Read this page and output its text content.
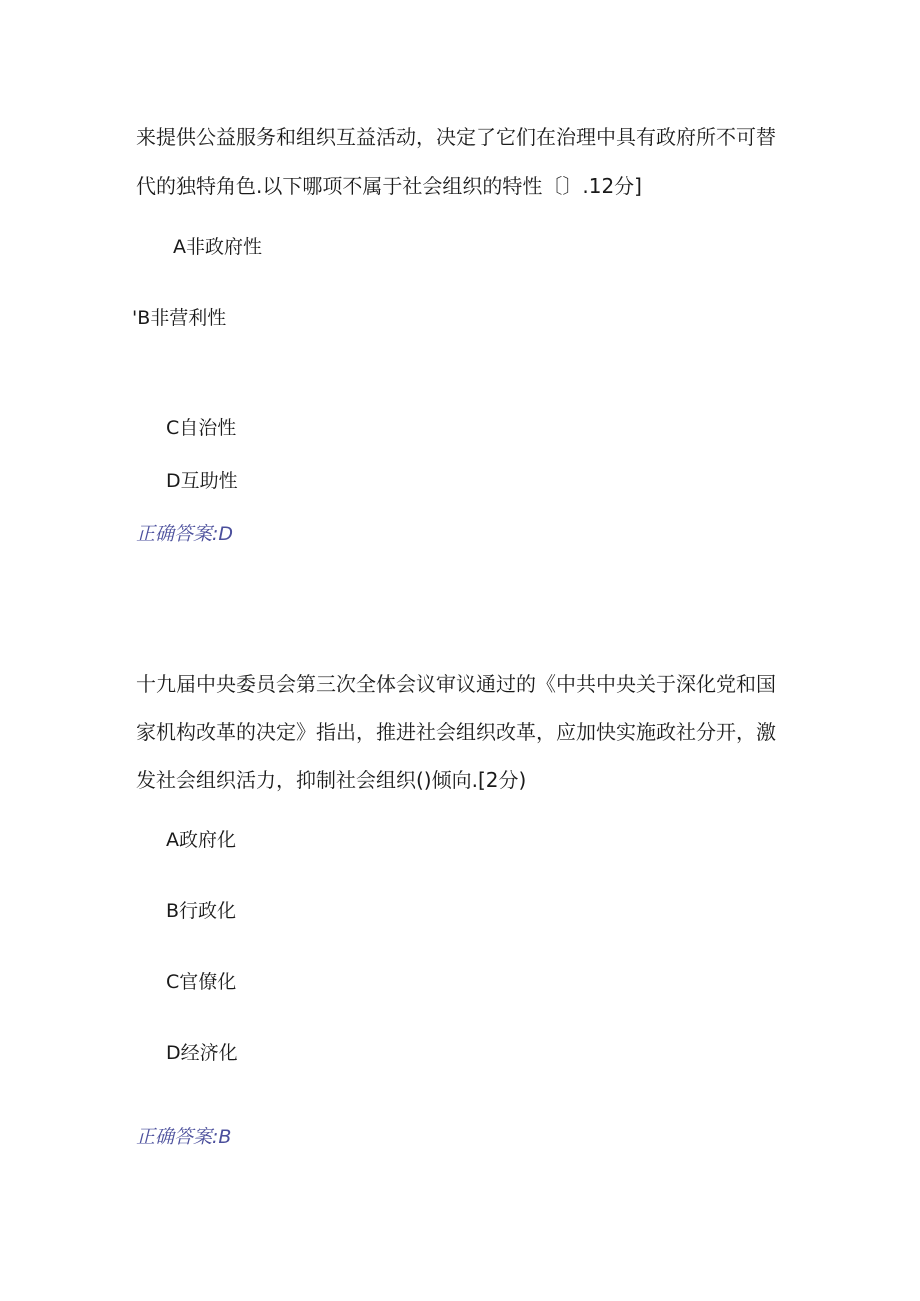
来提供公益服务和组织互益活动，决定了它们在治理中具有政府所不可替
代的独特角色.以下哪项不属于社会组织的特性〔〕.12分]
A非政府性
'B非营利性
C自治性
D互助性
正确答案:D
十九届中央委员会第三次全体会议审议通过的《中共中央关于深化党和国
家机构改革的决定》指出，推进社会组织改革，应加快实施政社分开，激
发社会组织活力，抑制社会组织()倾向.[2分)
A政府化
B行政化
C官僚化
D经济化
正确答案:B
